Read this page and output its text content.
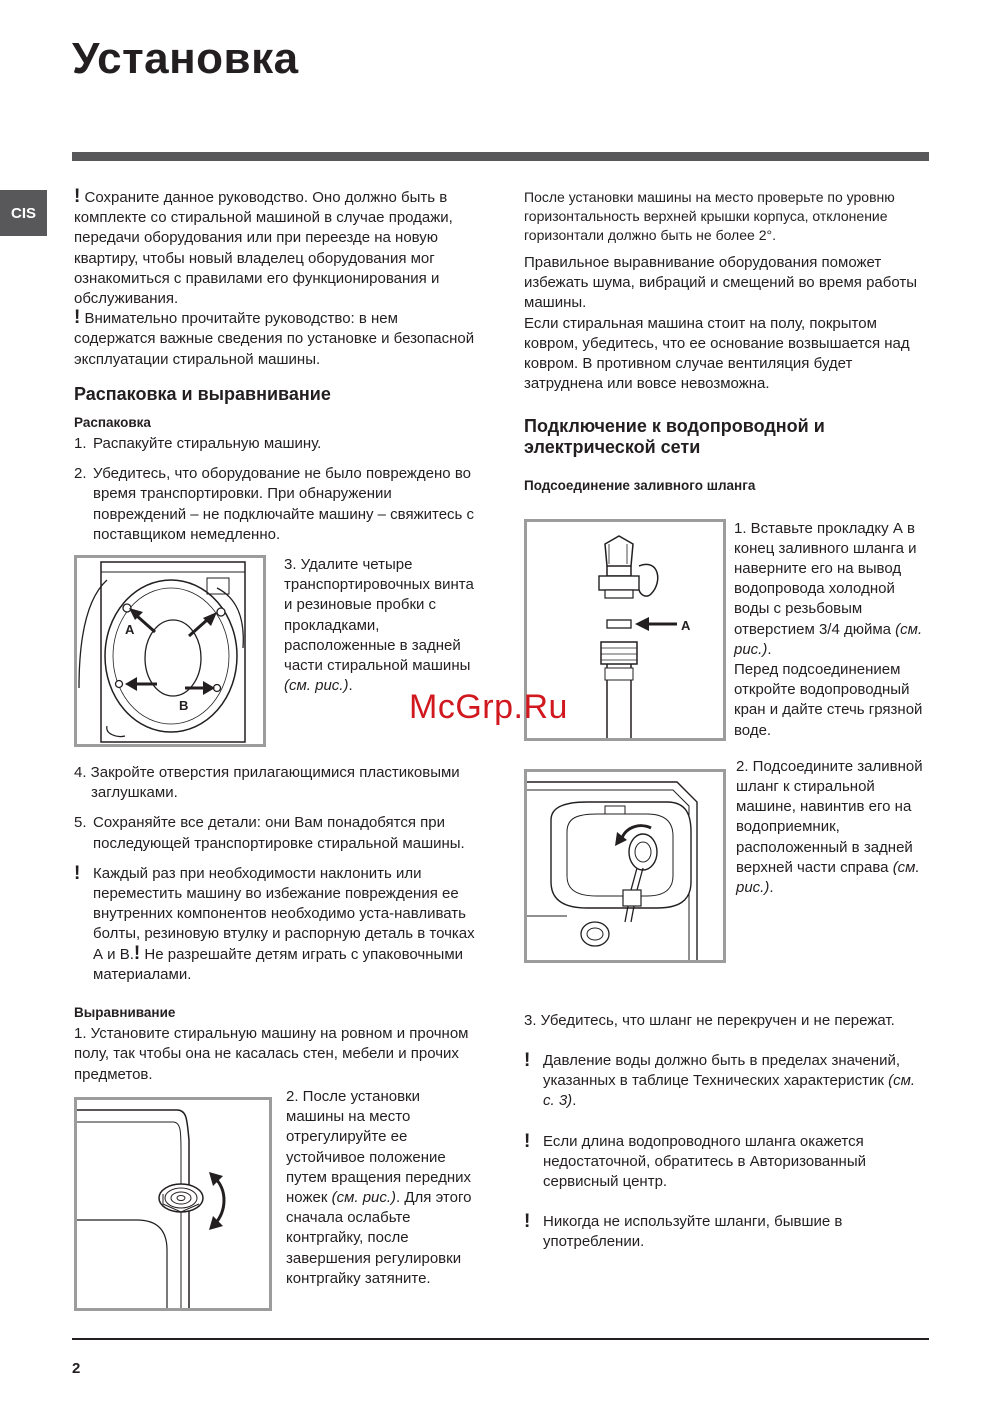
Установка
CIS

! Сохраните данное руководство. Оно должно быть в комплекте со стиральной машиной в случае продажи, передачи оборудования или при переезде на новую квартиру, чтобы новый владелец оборудования мог ознакомиться с правилами его функционирования и обслуживания.

! Внимательно прочитайте руководство: в нем содержатся важные сведения по установке и безопасной эксплуатации стиральной машины.

Распаковка и выравнивание
Распаковка
1. Распакуйте стиральную машину.
2. Убедитесь, что оборудование не было повреждено во время транспортировки. При обнаружении повреждений – не подключайте машину – свяжитесь с поставщиком немедленно.
A
B

3. Удалите четыре транспортировочных винта и резиновые пробки с прокладками, расположенные в задней части стиральной машины (см. рис.).

4. Закройте отверстия прилагающимися пластиковыми заглушками.

5. Сохраняйте все детали: они Вам понадобятся при последующей транспортировке стиральной машины.
! Каждый раз при необходимости наклонить или переместить машину во избежание повреждения ее внутренних компонентов необходимо уста-навливать болты, резиновую втулку и распорную деталь в точках А и В.! Не разрешайте детям играть с упаковочными материалами.
Выравнивание

1. Установите стиральную машину на ровном и прочном полу, так чтобы она не касалась стен, мебели и прочих предметов.

2. После установки машины на место отрегулируйте ее устойчивое положение путем вращения передних ножек (см. рис.). Для этого сначала ослабьте контргайку, после завершения регулировки контргайку затяните.

После установки машины на место проверьте по уровню горизонтальность верхней крышки корпуса, отклонение горизонтали должно быть не более 2°.

Правильное выравнивание оборудования поможет избежать шума, вибраций и смещений во время работы машины.

Если стиральная машина стоит на полу, покрытом ковром, убедитесь, что ее основание возвышается над ковром. В противном случае вентиляция будет затруднена или вовсе невозможна.

Подключение к водопроводной и электрической сети
Подсоединение заливного шланга
A

1. Вставьте прокладку А в конец заливного шланга и наверните его на вывод водопровода холодной воды с резьбовым отверстием 3/4 дюйма (см. рис.).

Перед подсоединением откройте водопроводный кран и дайте стечь грязной воде.

2. Подсоедините заливной шланг к стиральной машине, навинтив его на водоприемник, расположенный в задней верхней части справа (см. рис.).

3. Убедитесь, что шланг не перекручен и не пережат.

! Давление воды должно быть в пределах значений, указанных в таблице Технических характеристик (см. с. 3).
! Если длина водопроводного шланга окажется недостаточной, обратитесь в Авторизованный сервисный центр.
! Никогда не используйте шланги, бывшие в употреблении.
McGrp.Ru
2
